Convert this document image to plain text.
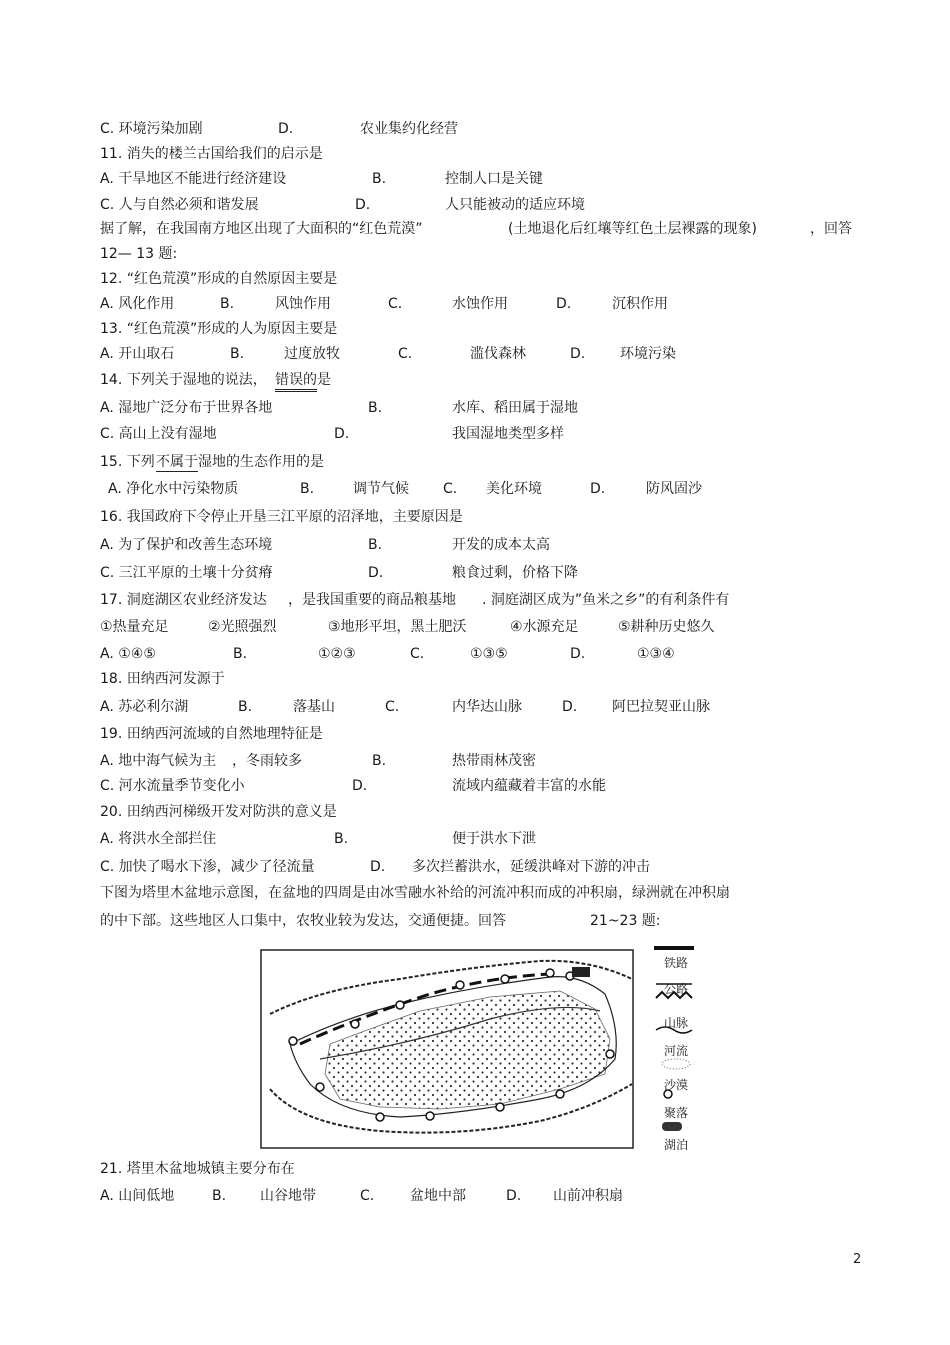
C. 环境污染加剧	D.	农业集约化经营
11. 消失的楼兰古国给我们的启示是
A. 干旱地区不能进行经济建设	B.	控制人口是关键
C. 人与自然必须和谐发展	D.	人只能被动的适应环境
据了解，在我国南方地区出现了大面积的“红色荒漠”	(土地退化后红壤等红色土层裸露的现象)	，回答
12— 13 题:
12. “红色荒漠”形成的自然原因主要是
A. 风化作用	B.	风蚀作用	C.	水蚀作用	D.	沉积作用
13. “红色荒漠”形成的人为原因主要是
A. 开山取石	B.	过度放牧	C.	滥伐森林	D. 环境污染
14. 下列关于湿地的说法， 错误的 是
A. 湿地广泛分布于世界各地	B.	水库、稻田属于湿地
C. 高山上没有湿地	D.	我国湿地类型多样
15. 下列 不属于 湿地的生态作用的是
A. 净化水中污染物质	B.	调节气候 C. 美化环境	D.	防风固沙
16. 我国政府下令停止开垦三江平原的沼泽地，主要原因是
A. 为了保护和改善生态环境	B.	开发的成本太高
C. 三江平原的土壤十分贫瘠	D.	粮食过剩，价格下降
17. 洞庭湖区农业经济发达 ，是我国重要的商品粮基地 . 洞庭湖区成为”鱼米之乡”的有利条件有
①热量充足	②光照强烈	③地形平坦，黑土肥沃	④水源充足	⑤耕种历史悠久
A. ①④⑤	B.	①②③	C.	①③⑤	D.	①③④
18. 田纳西河发源于
A. 苏必利尔湖	B.	落基山	C.	内华达山脉	D. 阿巴拉契亚山脉
19. 田纳西河流域的自然地理特征是
A. 地中海气候为主 ，冬雨较多	B.	热带雨林茂密
C. 河水流量季节变化小	D.	流域内蕴藏着丰富的水能
20. 田纳西河梯级开发对防洪的意义是
A. 将洪水全部拦住	B.	便于洪水下泄
C. 加快了喝水下渗，减少了径流量	D. 多次拦蓄洪水，延缓洪峰对下游的冲击
下图为塔里木盆地示意图，在盆地的四周是由冰雪融水补给的河流冲积而成的冲积扇，绿洲就在冲积扇
的中下部。这些地区人口集中，农牧业较为发达，交通便捷。回答	21~23 题:
21. 塔里木盆地城镇主要分布在
A. 山间低地	B. 山谷地带	C.	盆地中部	D. 山前冲积扇
铁路
公路
山脉
河流
沙漠
聚落
湖泊
2
